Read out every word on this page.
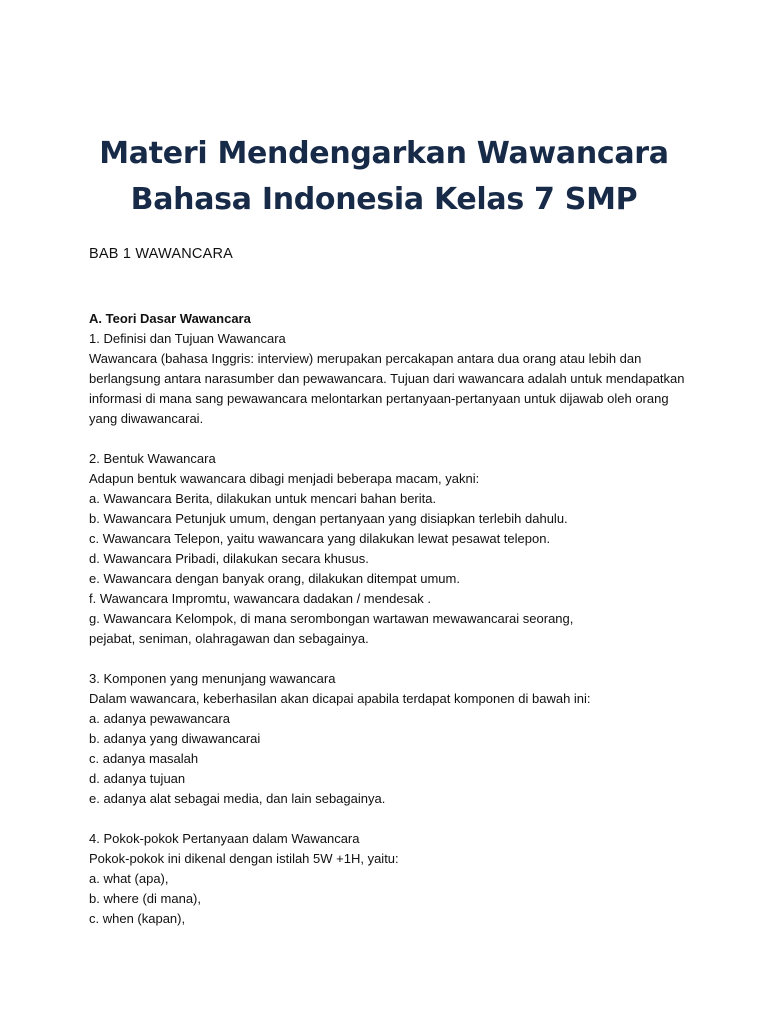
Materi Mendengarkan Wawancara
Bahasa Indonesia Kelas 7 SMP

BAB 1 WAWANCARA

A. Teori Dasar Wawancara
1. Definisi dan Tujuan Wawancara
Wawancara (bahasa Inggris: interview) merupakan percakapan antara dua orang atau lebih dan
berlangsung antara narasumber dan pewawancara. Tujuan dari wawancara adalah untuk mendapatkan
informasi di mana sang pewawancara melontarkan pertanyaan-pertanyaan untuk dijawab oleh orang
yang diwawancarai.
2. Bentuk Wawancara
Adapun bentuk wawancara dibagi menjadi beberapa macam, yakni:
a. Wawancara Berita, dilakukan untuk mencari bahan berita.
b. Wawancara Petunjuk umum, dengan pertanyaan yang disiapkan terlebih dahulu.
c. Wawancara Telepon, yaitu wawancara yang dilakukan lewat pesawat telepon.
d. Wawancara Pribadi, dilakukan secara khusus.
e. Wawancara dengan banyak orang, dilakukan ditempat umum.
f. Wawancara Impromtu, wawancara dadakan / mendesak .
g. Wawancara Kelompok, di mana serombongan wartawan mewawancarai seorang,
pejabat, seniman, olahragawan dan sebagainya.
3. Komponen yang menunjang wawancara
Dalam wawancara, keberhasilan akan dicapai apabila terdapat komponen di bawah ini:
a. adanya pewawancara
b. adanya yang diwawancarai
c. adanya masalah
d. adanya tujuan
e. adanya alat sebagai media, dan lain sebagainya.
4. Pokok-pokok Pertanyaan dalam Wawancara
Pokok-pokok ini dikenal dengan istilah 5W +1H, yaitu:
a. what (apa),
b. where (di mana),
c. when (kapan),
